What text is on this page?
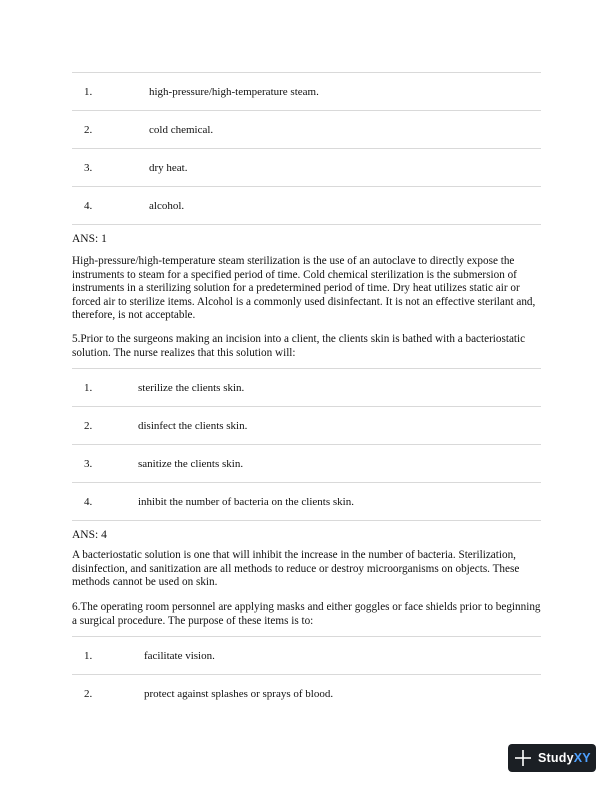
1.	high-pressure/high-temperature steam.
2.	cold chemical.
3.	dry heat.
4.	alcohol.
ANS: 1
High-pressure/high-temperature steam sterilization is the use of an autoclave to directly expose the instruments to steam for a specified period of time. Cold chemical sterilization is the submersion of instruments in a sterilizing solution for a predetermined period of time. Dry heat utilizes static air or forced air to sterilize items. Alcohol is a commonly used disinfectant. It is not an effective sterilant and, therefore, is not acceptable.
5.Prior to the surgeons making an incision into a client, the clients skin is bathed with a bacteriostatic solution. The nurse realizes that this solution will:
1.	sterilize the clients skin.
2.	disinfect the clients skin.
3.	sanitize the clients skin.
4.	inhibit the number of bacteria on the clients skin.
ANS: 4
A bacteriostatic solution is one that will inhibit the increase in the number of bacteria. Sterilization, disinfection, and sanitization are all methods to reduce or destroy microorganisms on objects. These methods cannot be used on skin.
6.The operating room personnel are applying masks and either goggles or face shields prior to beginning a surgical procedure. The purpose of these items is to:
1.	facilitate vision.
2.	protect against splashes or sprays of blood.
StudyXY
